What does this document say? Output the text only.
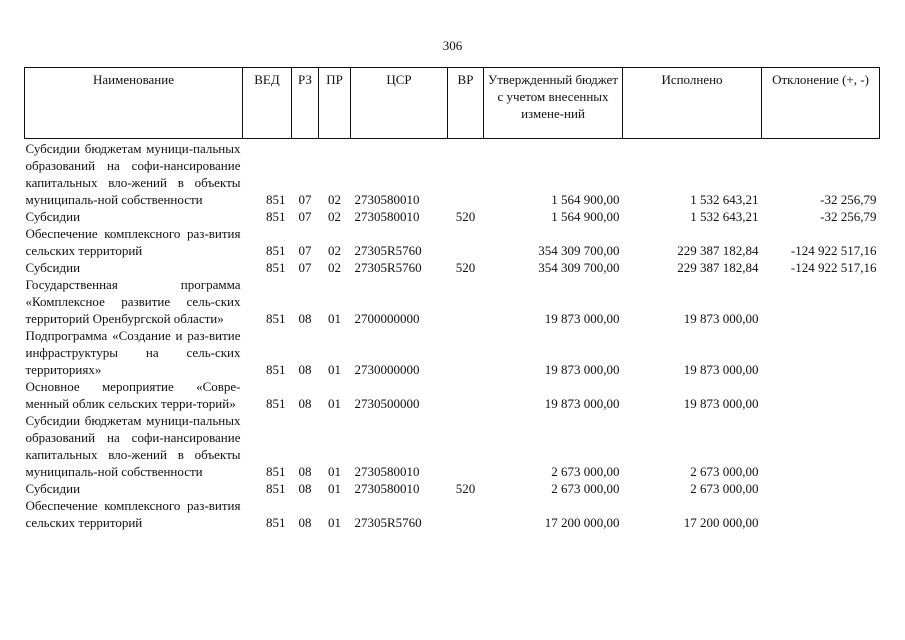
306
Наименование	ВЕД	РЗ	ПР	ЦСР	ВР	Утвержденный бюджет с учетом внесенных измене-ний	Исполнено	Отклонение (+, -)
Субсидии бюджетам муници-пальных образований на софи-нансирование капитальных вло-жений в объекты муниципаль-ной собственности	851	07	02	2730580010		1 564 900,00	1 532 643,21	-32 256,79
Субсидии	851	07	02	2730580010	520	1 564 900,00	1 532 643,21	-32 256,79
Обеспечение комплексного раз-вития сельских территорий	851	07	02	27305R5760		354 309 700,00	229 387 182,84	-124 922 517,16
Субсидии	851	07	02	27305R5760	520	354 309 700,00	229 387 182,84	-124 922 517,16
Государственная программа «Комплексное развитие сель-ских территорий Оренбургской области»	851	08	01	2700000000		19 873 000,00	19 873 000,00	
Подпрограмма «Создание и раз-витие инфраструктуры на сель-ских территориях»	851	08	01	2730000000		19 873 000,00	19 873 000,00	
Основное мероприятие «Совре-менный облик сельских терри-торий»	851	08	01	2730500000		19 873 000,00	19 873 000,00	
Субсидии бюджетам муници-пальных образований на софи-нансирование капитальных вло-жений в объекты муниципаль-ной собственности	851	08	01	2730580010		2 673 000,00	2 673 000,00	
Субсидии	851	08	01	2730580010	520	2 673 000,00	2 673 000,00	
Обеспечение комплексного раз-вития сельских территорий	851	08	01	27305R5760		17 200 000,00	17 200 000,00	
